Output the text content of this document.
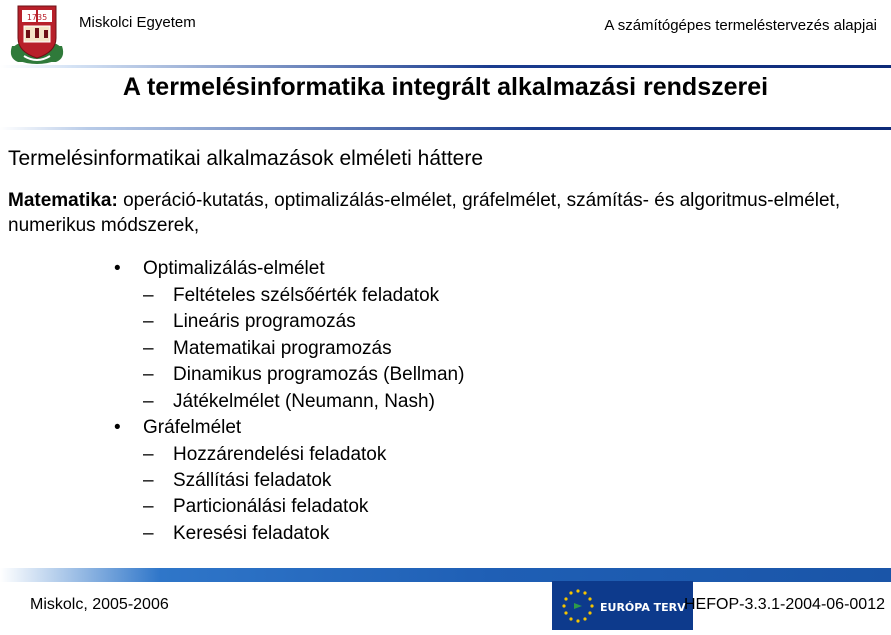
1735 Miskolci Egyetem	A számítógépes termeléstervezés alapjai
A termelésinformatika integrált alkalmazási rendszerei
Termelésinformatikai alkalmazások elméleti háttere
Matematika: operáció-kutatás, optimalizálás-elmélet, gráfelmélet, számítás- és algoritmus-elmélet, numerikus módszerek,
• Optimalizálás-elmélet
– Feltételes szélsőérték feladatok
– Lineáris programozás
– Matematikai programozás
– Dinamikus programozás (Bellman)
– Játékelmélet (Neumann, Nash)
• Gráfelmélet
– Hozzárendelési feladatok
– Szállítási feladatok
– Particionálási feladatok
– Keresési feladatok
Miskolc, 2005-2006	EURÓPA TERV
HEFOP-3.3.1-2004-06-0012
